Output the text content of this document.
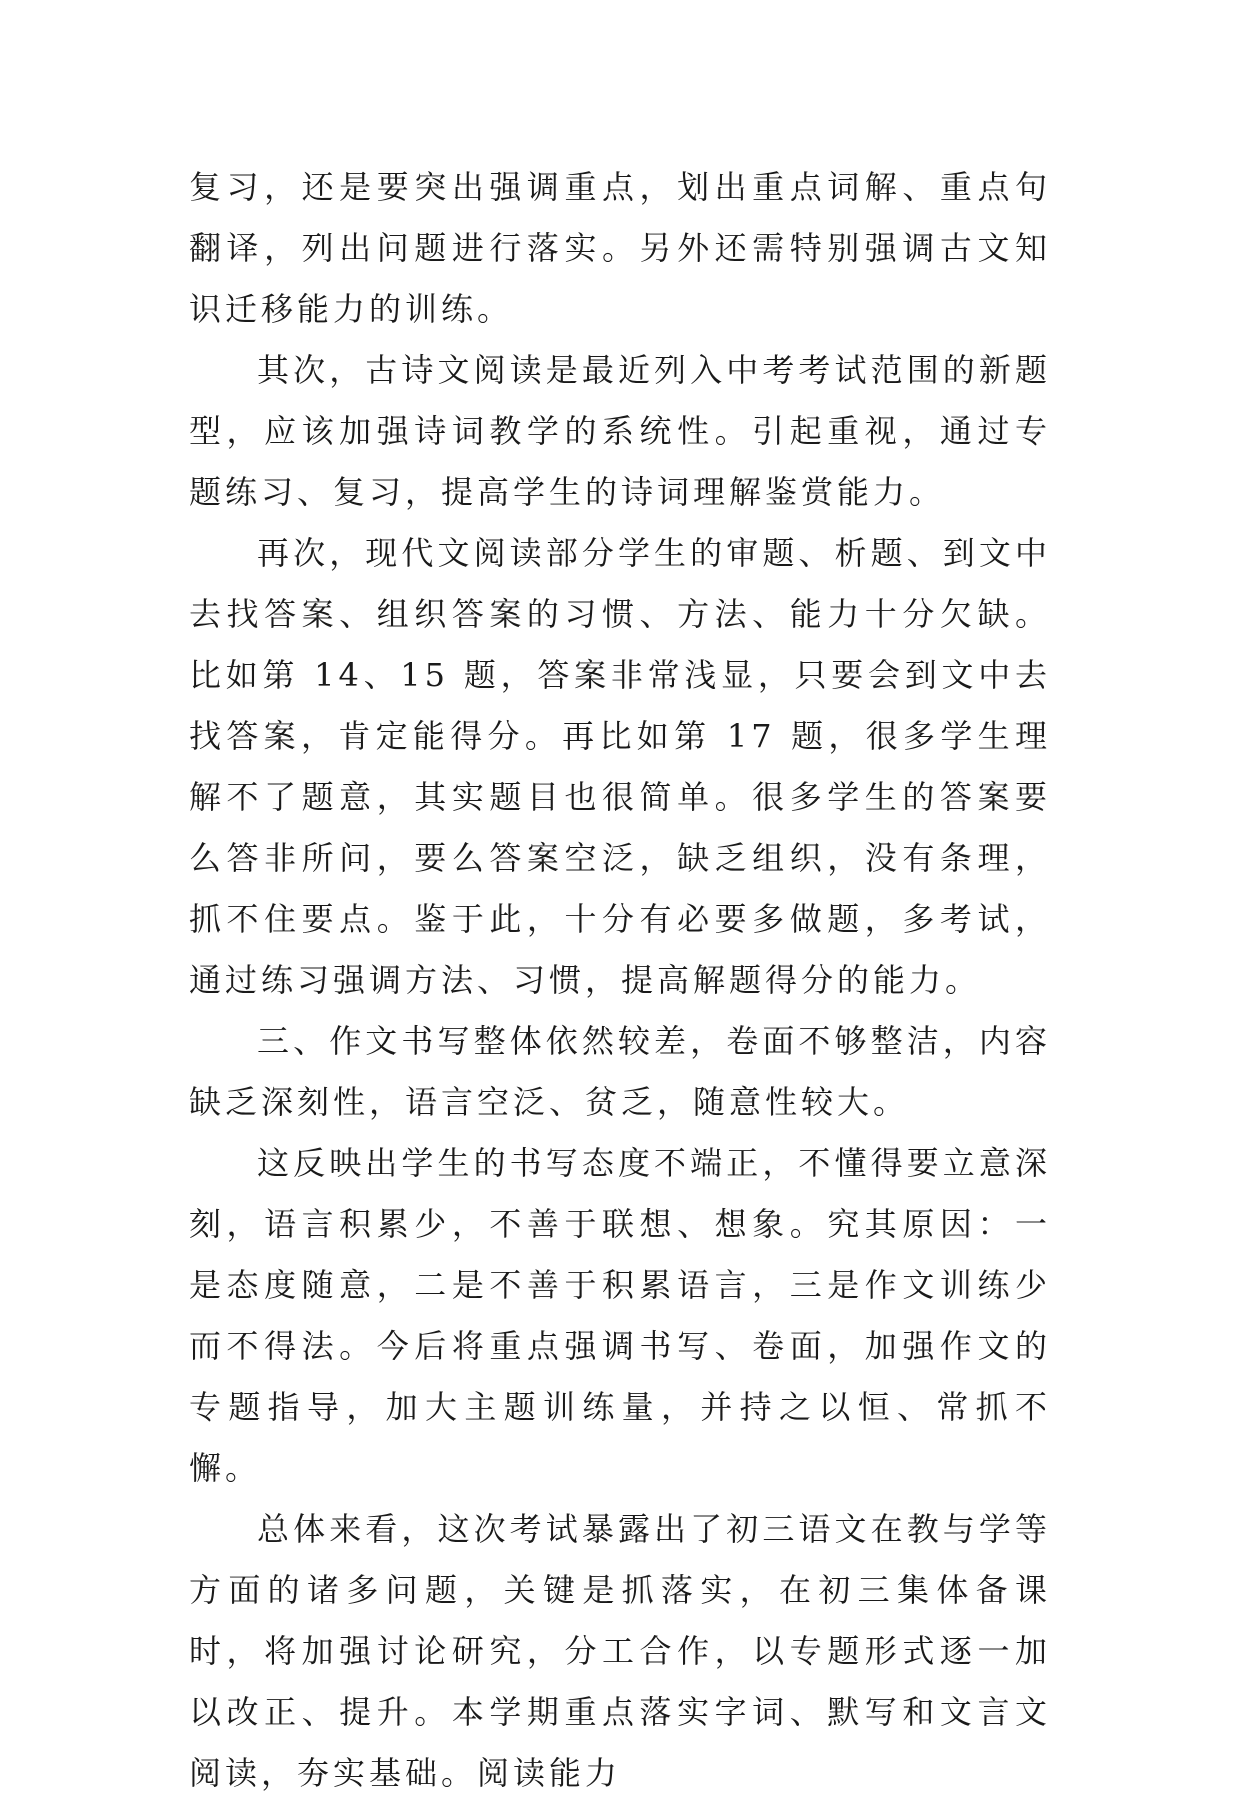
复习，还是要突出强调重点，划出重点词解、重点句翻译，列出问题进行落实。另外还需特别强调古文知识迁移能力的训练。

其次，古诗文阅读是最近列入中考考试范围的新题型，应该加强诗词教学的系统性。引起重视，通过专题练习、复习，提高学生的诗词理解鉴赏能力。

再次，现代文阅读部分学生的审题、析题、到文中去找答案、组织答案的习惯、方法、能力十分欠缺。比如第 14、15 题，答案非常浅显，只要会到文中去找答案，肯定能得分。再比如第 17 题，很多学生理解不了题意，其实题目也很简单。很多学生的答案要么答非所问，要么答案空泛，缺乏组织，没有条理，抓不住要点。鉴于此，十分有必要多做题，多考试，通过练习强调方法、习惯，提高解题得分的能力。

三、作文书写整体依然较差，卷面不够整洁，内容缺乏深刻性，语言空泛、贫乏，随意性较大。

这反映出学生的书写态度不端正，不懂得要立意深刻，语言积累少，不善于联想、想象。究其原因：一是态度随意，二是不善于积累语言，三是作文训练少而不得法。今后将重点强调书写、卷面，加强作文的专题指导，加大主题训练量，并持之以恒、常抓不懈。

总体来看，这次考试暴露出了初三语文在教与学等方面的诸多问题，关键是抓落实，在初三集体备课时，将加强讨论研究，分工合作，以专题形式逐一加以改正、提升。本学期重点落实字词、默写和文言文阅读，夯实基础。阅读能力
